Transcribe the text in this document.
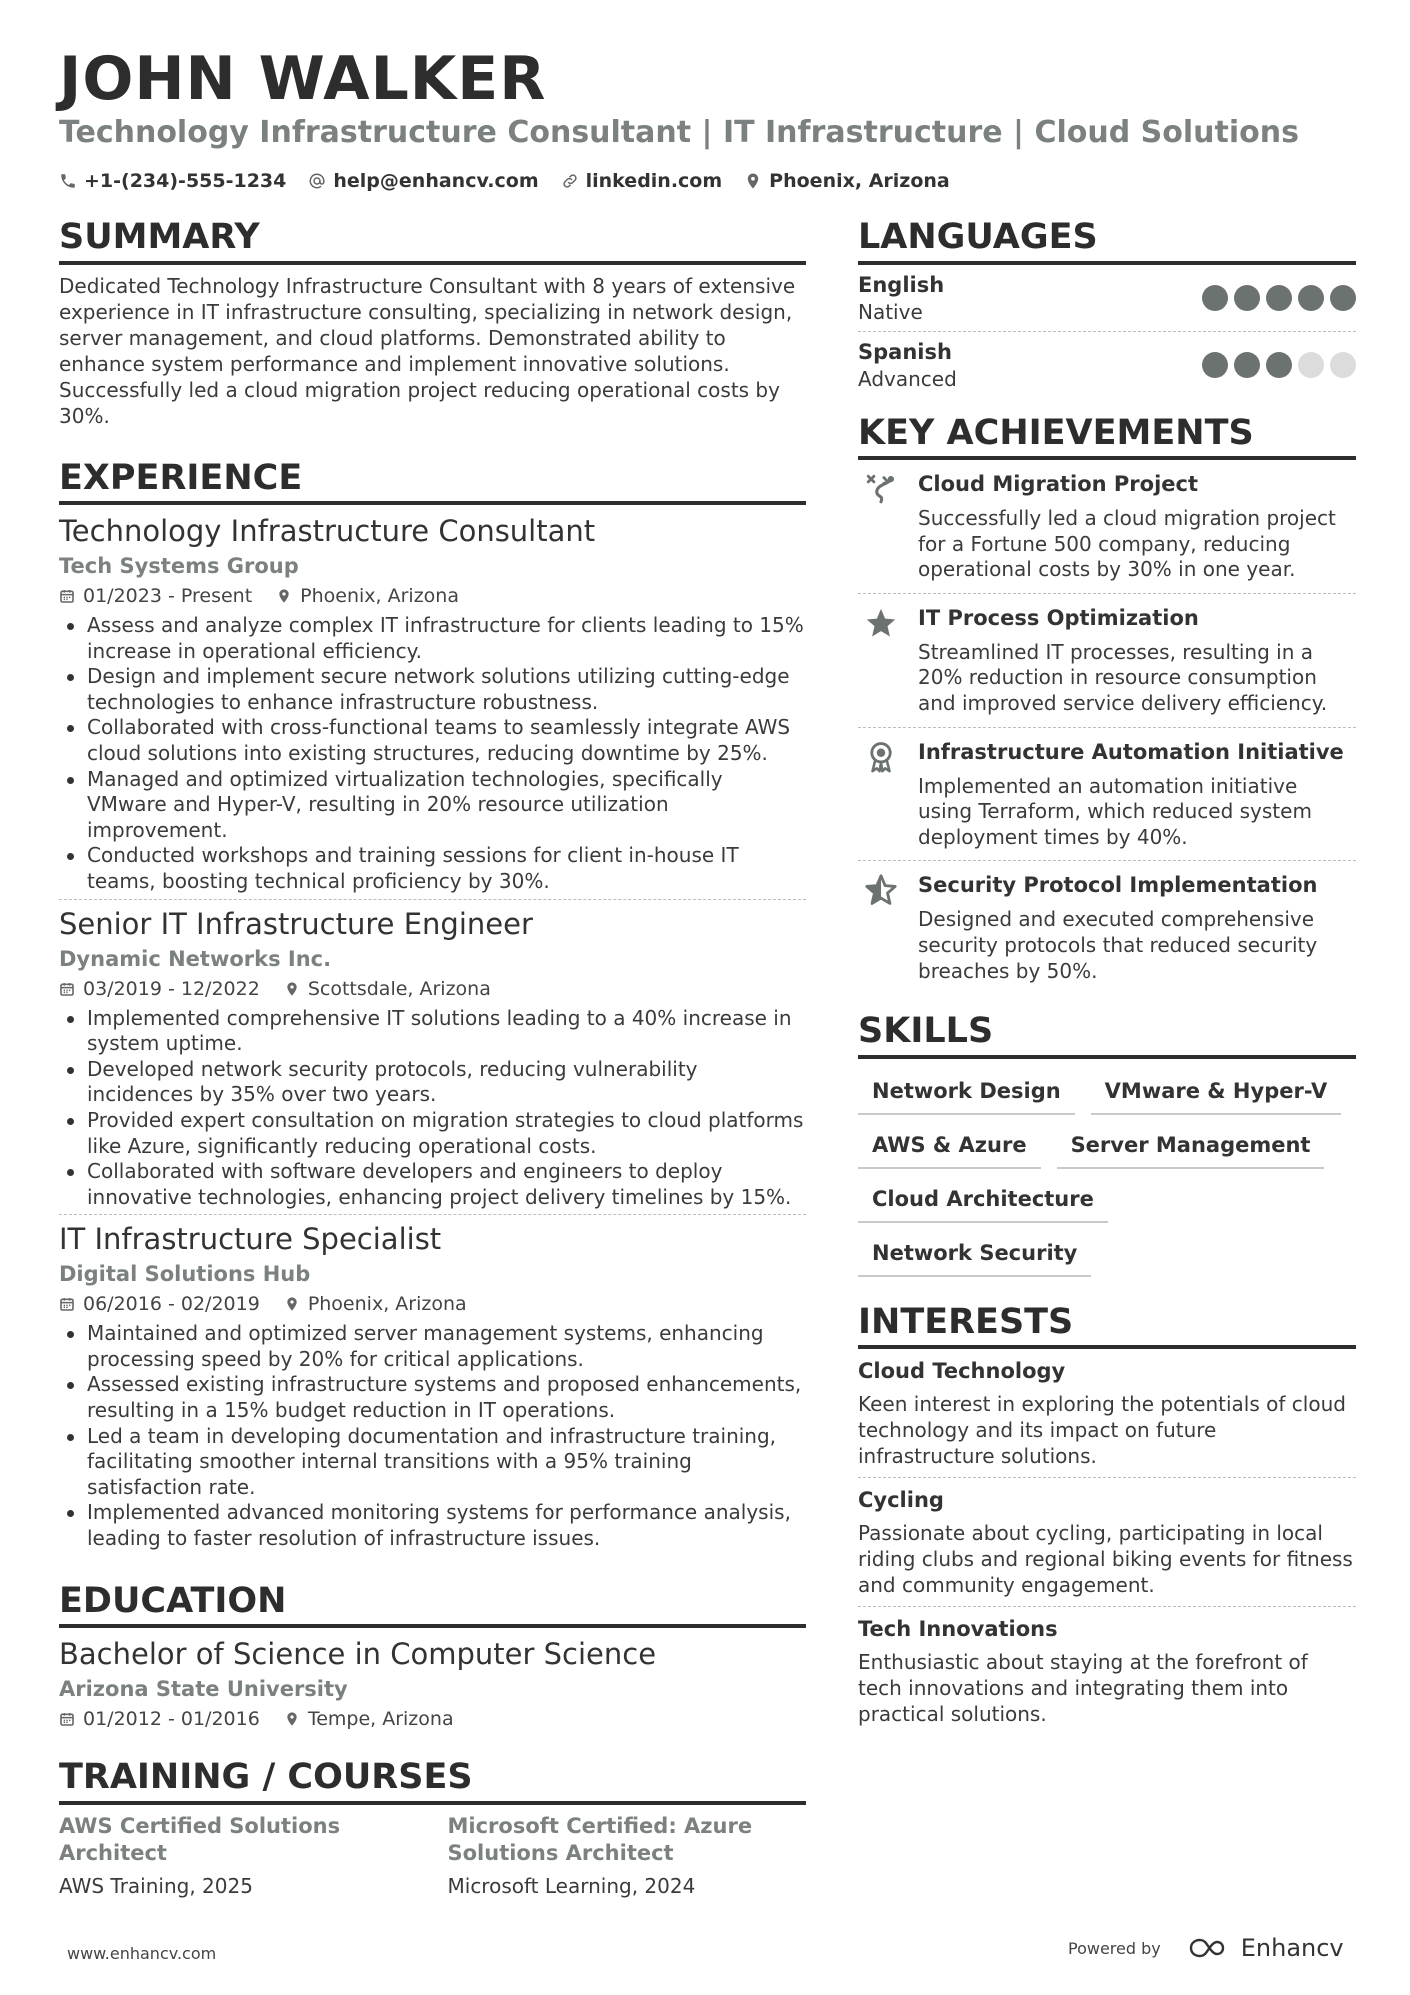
JOHN WALKER
Technology Infrastructure Consultant | IT Infrastructure | Cloud Solutions
+1-(234)-555-1234 help@enhancv.com linkedin.com Phoenix, Arizona
SUMMARY
Dedicated Technology Infrastructure Consultant with 8 years of extensive experience in IT infrastructure consulting, specializing in network design, server management, and cloud platforms. Demonstrated ability to enhance system performance and implement innovative solutions. Successfully led a cloud migration project reducing operational costs by 30%.
EXPERIENCE
Technology Infrastructure Consultant
Tech Systems Group
01/2023 - Present	Phoenix, Arizona
Assess and analyze complex IT infrastructure for clients leading to 15% increase in operational efficiency.
Design and implement secure network solutions utilizing cutting-edge technologies to enhance infrastructure robustness.
Collaborated with cross-functional teams to seamlessly integrate AWS cloud solutions into existing structures, reducing downtime by 25%.
Managed and optimized virtualization technologies, specifically VMware and Hyper-V, resulting in 20% resource utilization improvement.
Conducted workshops and training sessions for client in-house IT teams, boosting technical proficiency by 30%.
Senior IT Infrastructure Engineer
Dynamic Networks Inc.
03/2019 - 12/2022	Scottsdale, Arizona
Implemented comprehensive IT solutions leading to a 40% increase in system uptime.
Developed network security protocols, reducing vulnerability incidences by 35% over two years.
Provided expert consultation on migration strategies to cloud platforms like Azure, significantly reducing operational costs.
Collaborated with software developers and engineers to deploy innovative technologies, enhancing project delivery timelines by 15%.
IT Infrastructure Specialist
Digital Solutions Hub
06/2016 - 02/2019	Phoenix, Arizona
Maintained and optimized server management systems, enhancing processing speed by 20% for critical applications.
Assessed existing infrastructure systems and proposed enhancements, resulting in a 15% budget reduction in IT operations.
Led a team in developing documentation and infrastructure training, facilitating smoother internal transitions with a 95% training satisfaction rate.
Implemented advanced monitoring systems for performance analysis, leading to faster resolution of infrastructure issues.
EDUCATION
Bachelor of Science in Computer Science
Arizona State University
01/2012 - 01/2016	Tempe, Arizona
TRAINING / COURSES
AWS Certified Solutions Architect
AWS Training, 2025
Microsoft Certified: Azure Solutions Architect
Microsoft Learning, 2024
LANGUAGES
English
Native
Spanish
Advanced
KEY ACHIEVEMENTS
Cloud Migration Project
Successfully led a cloud migration project for a Fortune 500 company, reducing operational costs by 30% in one year.
IT Process Optimization
Streamlined IT processes, resulting in a 20% reduction in resource consumption and improved service delivery efficiency.
Infrastructure Automation Initiative
Implemented an automation initiative using Terraform, which reduced system deployment times by 40%.
Security Protocol Implementation
Designed and executed comprehensive security protocols that reduced security breaches by 50%.
SKILLS
Network Design	VMware & Hyper-V
AWS & Azure	Server Management
Cloud Architecture
Network Security
INTERESTS
Cloud Technology
Keen interest in exploring the potentials of cloud technology and its impact on future infrastructure solutions.
Cycling
Passionate about cycling, participating in local riding clubs and regional biking events for fitness and community engagement.
Tech Innovations
Enthusiastic about staying at the forefront of tech innovations and integrating them into practical solutions.
www.enhancv.com	Powered by	Enhancv
